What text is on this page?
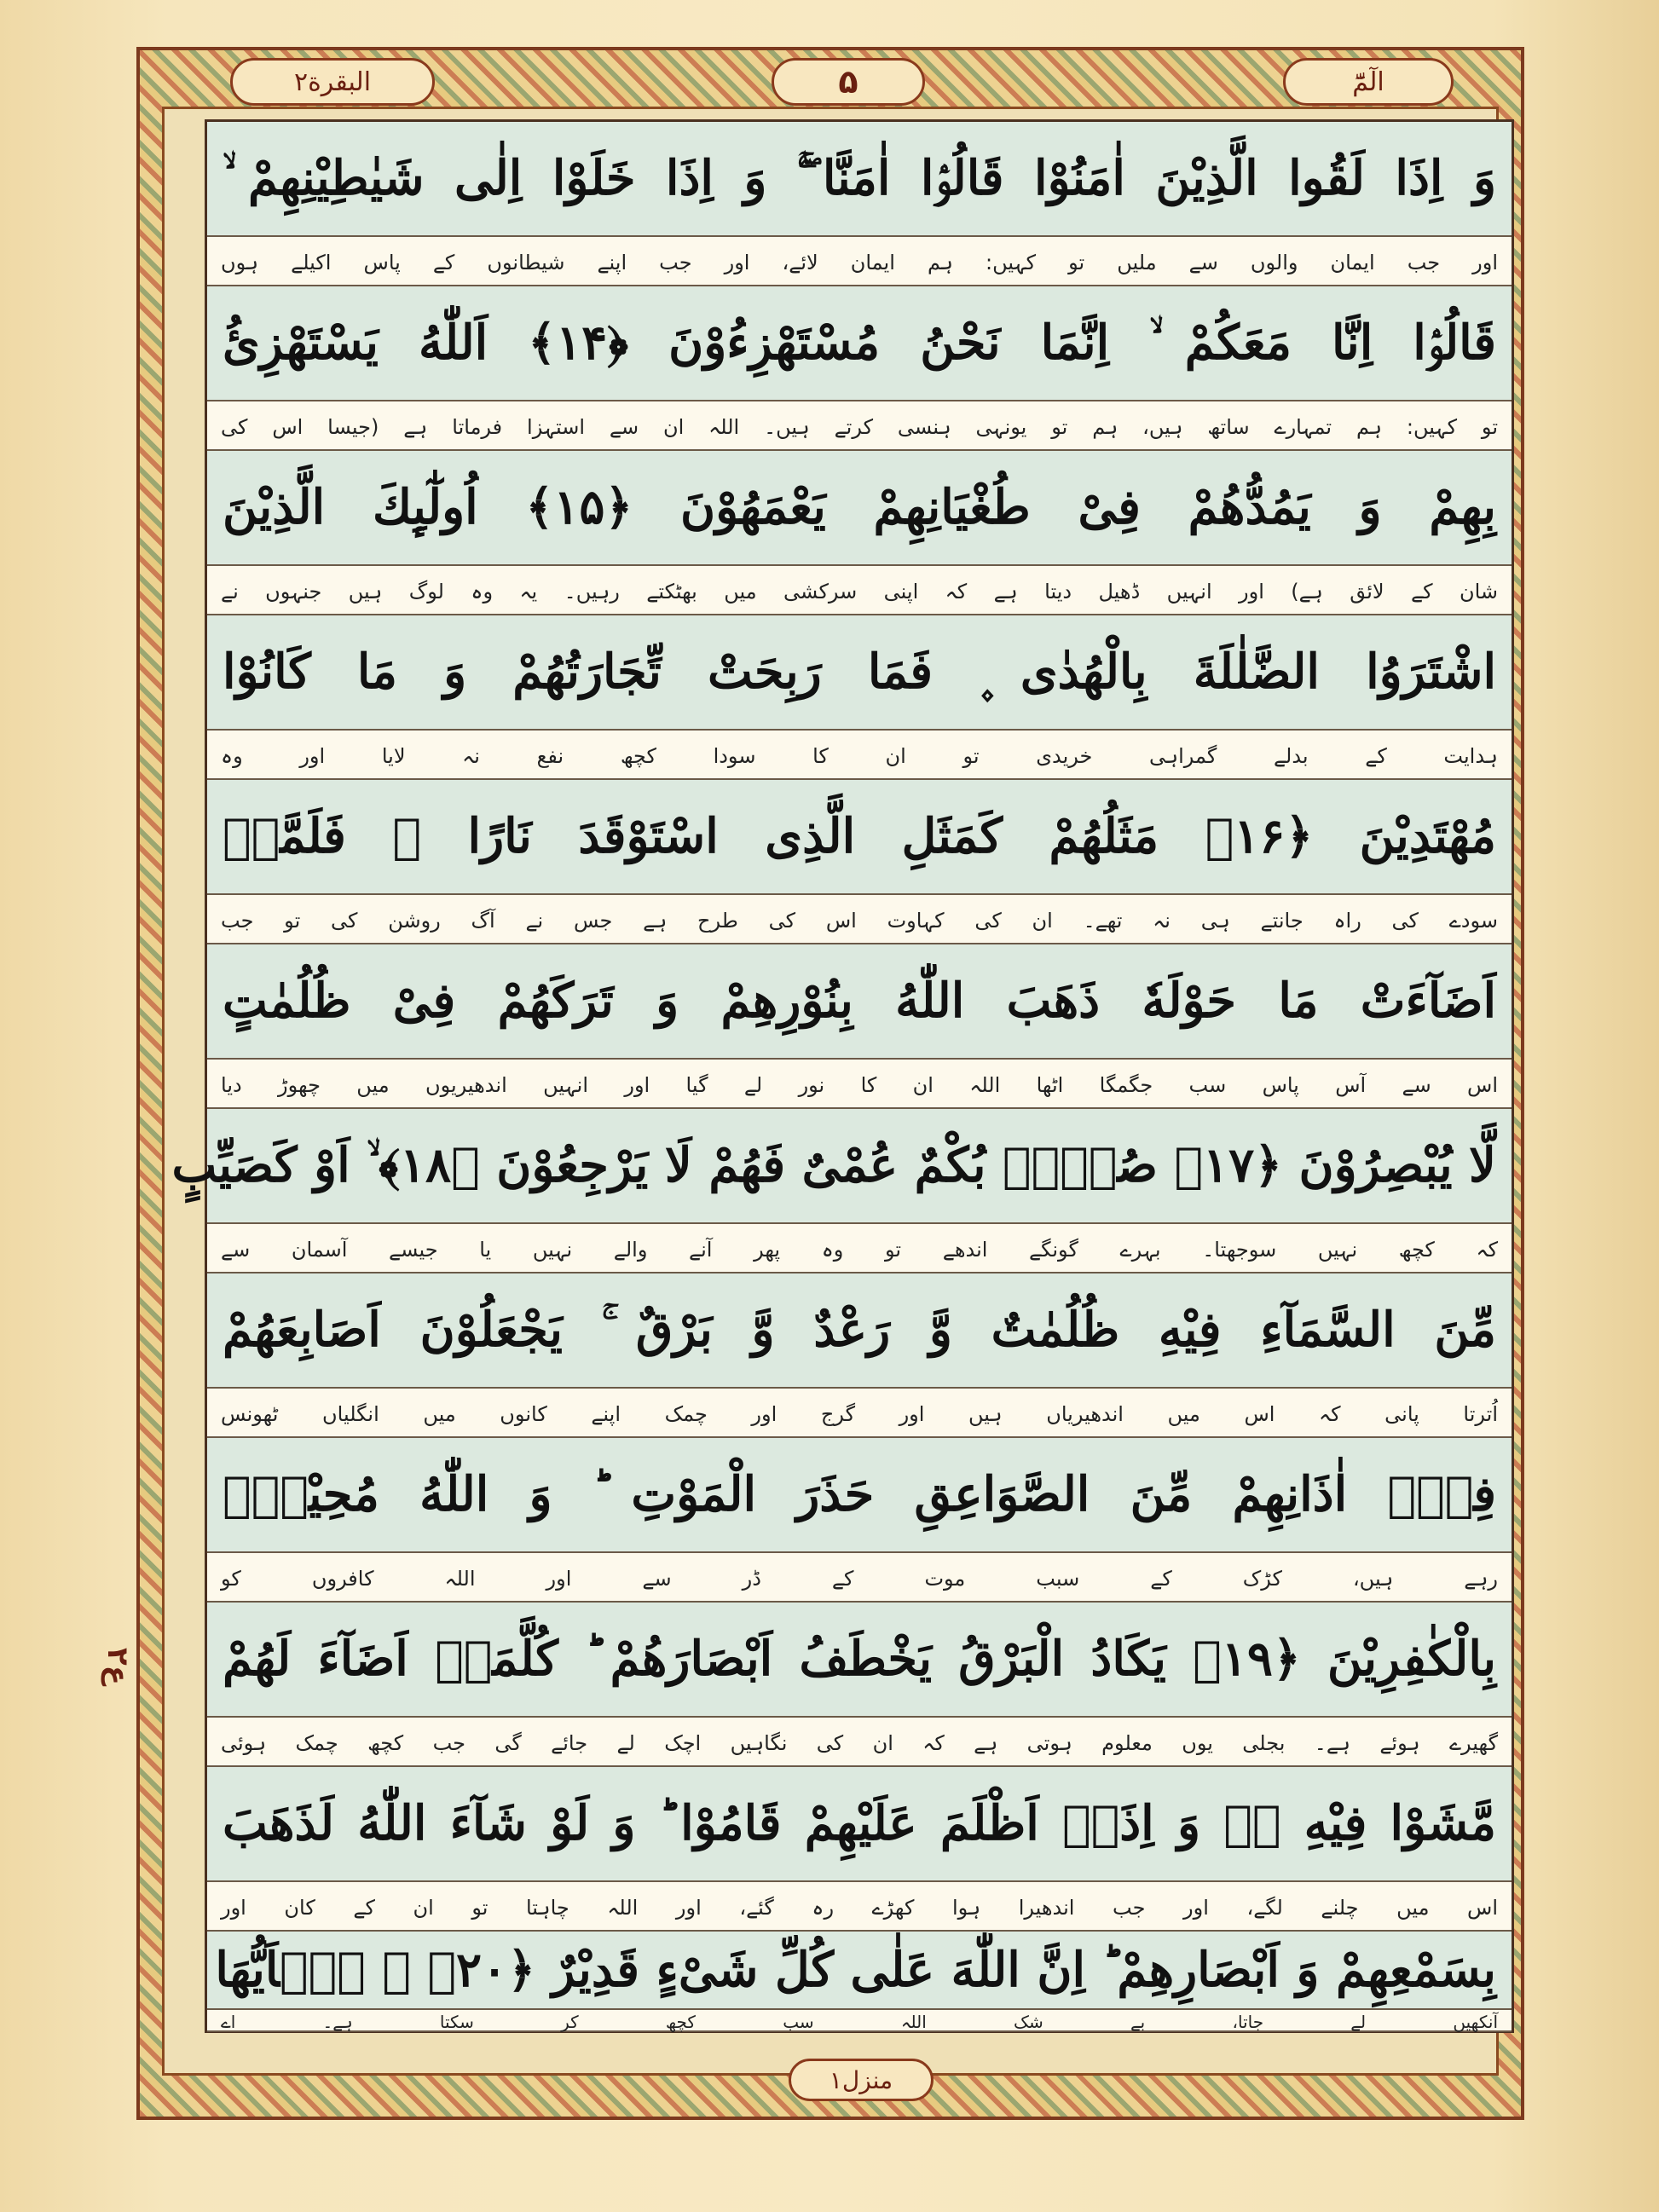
البقرة٢	۵	الٓمّٓ
وَ اِذَا لَقُوا الَّذِیْنَ اٰمَنُوْا قَالُوْۤا اٰمَنَّا ۚۖ وَ اِذَا خَلَوْا اِلٰى شَیٰطِیْنِهِمْ ۙ
اور جب ایمان والوں سے ملیں تو کہیں: ہم ایمان لائے، اور جب اپنے شیطانوں کے پاس اکیلے ہوں
قَالُوْۤا اِنَّا مَعَكُمْ ۙ اِنَّمَا نَحْنُ مُسْتَهْزِءُوْنَ ﴿۱۴﴾ اَللّٰهُ یَسْتَهْزِئُ
تو کہیں: ہم تمہارے ساتھ ہیں، ہم تو یونہی ہنسی کرتے ہیں۔ اللہ ان سے استہزا فرماتا ہے (جیسا اس کی
بِهِمْ وَ یَمُدُّهُمْ فِیْ طُغْیَانِهِمْ یَعْمَهُوْنَ ﴿۱۵﴾ اُولٰٓىِٕكَ الَّذِیْنَ
شان کے لائق ہے) اور انہیں ڈھیل دیتا ہے کہ اپنی سرکشی میں بھٹکتے رہیں۔ یہ وہ لوگ ہیں جنہوں نے
اشْتَرَوُا الضَّلٰلَةَ بِالْهُدٰى ۪ فَمَا رَبِحَتْ تِّجَارَتُهُمْ وَ مَا كَانُوْا
ہدایت کے بدلے گمراہی خریدی تو ان کا سودا کچھ نفع نہ لایا اور وہ
مُهْتَدِیْنَ ﴿۱۶﴾ مَثَلُهُمْ كَمَثَلِ الَّذِی اسْتَوْقَدَ نَارًا ۚ فَلَمَّاۤ
سودے کی راہ جانتے ہی نہ تھے۔ ان کی کہاوت اس کی طرح ہے جس نے آگ روشن کی تو جب
اَضَآءَتْ مَا حَوْلَهٗ ذَهَبَ اللّٰهُ بِنُوْرِهِمْ وَ تَرَكَهُمْ فِیْ ظُلُمٰتٍ
اس سے آس پاس سب جگمگا اٹھا اللہ ان کا نور لے گیا اور انہیں اندھیریوں میں چھوڑ دیا
لَّا یُبْصِرُوْنَ ﴿۱۷﴾ صُمٌّۢ بُكْمٌ عُمْیٌ فَهُمْ لَا یَرْجِعُوْنَ ﴿۱۸﴾ ۙ اَوْ كَصَیِّبٍ
کہ کچھ نہیں سوجھتا۔ بہرے گونگے اندھے تو وہ پھر آنے والے نہیں یا جیسے آسمان سے
مِّنَ السَّمَآءِ فِیْهِ ظُلُمٰتٌ وَّ رَعْدٌ وَّ بَرْقٌ ۚ یَجْعَلُوْنَ اَصَابِعَهُمْ
اُترتا پانی کہ اس میں اندھیریاں ہیں اور گرج اور چمک اپنے کانوں میں انگلیاں ٹھونس
فِیْۤ اٰذَانِهِمْ مِّنَ الصَّوَاعِقِ حَذَرَ الْمَوْتِ ؕ وَ اللّٰهُ مُحِیْطٌۢ
رہے ہیں، کڑک کے سبب موت کے ڈر سے اور اللہ کافروں کو
بِالْكٰفِرِیْنَ ﴿۱۹﴾ یَكَادُ الْبَرْقُ یَخْطَفُ اَبْصَارَهُمْ ؕ كُلَّمَاۤ اَضَآءَ لَهُمْ
گھیرے ہوئے ہے۔ بجلی یوں معلوم ہوتی ہے کہ ان کی نگاہیں اچک لے جائے گی جب کچھ چمک ہوئی
مَّشَوْا فِیْهِ ۙۗ وَ اِذَاۤ اَظْلَمَ عَلَیْهِمْ قَامُوْا ؕ وَ لَوْ شَآءَ اللّٰهُ لَذَهَبَ
اس میں چلنے لگے، اور جب اندھیرا ہوا کھڑے رہ گئے، اور اللہ چاہتا تو ان کے کان اور
بِسَمْعِهِمْ وَ اَبْصَارِهِمْ ؕ اِنَّ اللّٰهَ عَلٰى كُلِّ شَیْءٍ قَدِیْرٌ ﴿۲۰﴾ ۠ یٰۤاَیُّهَا
آنکھیں لے جاتا، بے شک اللہ سب کچھ کر سکتا ہے۔ اے
ع٢
منزل١
